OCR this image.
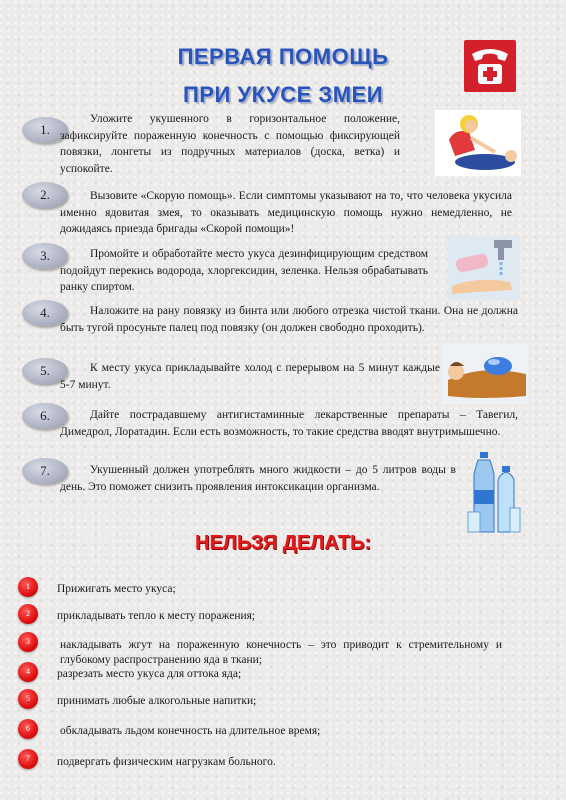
ПЕРВАЯ ПОМОЩЬ
ПРИ УКУСЕ ЗМЕИ
1.
Уложите укушенного в горизонтальное положение, зафиксируйте пораженную конечность с помощью фиксирующей повязки, лонгеты из подручных материалов (доска, ветка) и успокойте.
2.	Вызовите «Скорую помощь». Если симптомы указывают на то, что человека укусила именно ядовитая змея, то оказывать медицинскую помощь нужно немедленно, не дожидаясь приезда бригады «Скорой помощи»!
3.	Промойте и обработайте место укуса дезинфицирующим средством подойдут перекись водорода, хлоргексидин, зеленка. Нельзя обрабатывать ранку спиртом.
4.	Наложите на рану повязку из бинта или любого отрезка чистой ткани. Она не должна быть тугой просуньте палец под повязку (он должен свободно проходить).
5.	К месту укуса прикладывайте холод с перерывом на 5 минут каждые 5-7 минут.
6.	Дайте пострадавшему антигистаминные лекарственные препараты – Тавегил, Димедрол, Лоратадин. Если есть возможность, то такие средства вводят внутримышечно.
7.	Укушенный должен употреблять много жидкости – до 5 литров воды в день. Это поможет снизить проявления интоксикации организма.
НЕЛЬЗЯ ДЕЛАТЬ:
1	Прижигать место укуса;
2	прикладывать тепло к месту поражения;
3	накладывать жгут на пораженную конечность – это приводит к стремительному и глубокому распространению яда в ткани;
4	разрезать место укуса для оттока яда;
5	принимать любые алкогольные напитки;
6	обкладывать льдом конечность на длительное время;
7	подвергать физическим нагрузкам больного.
